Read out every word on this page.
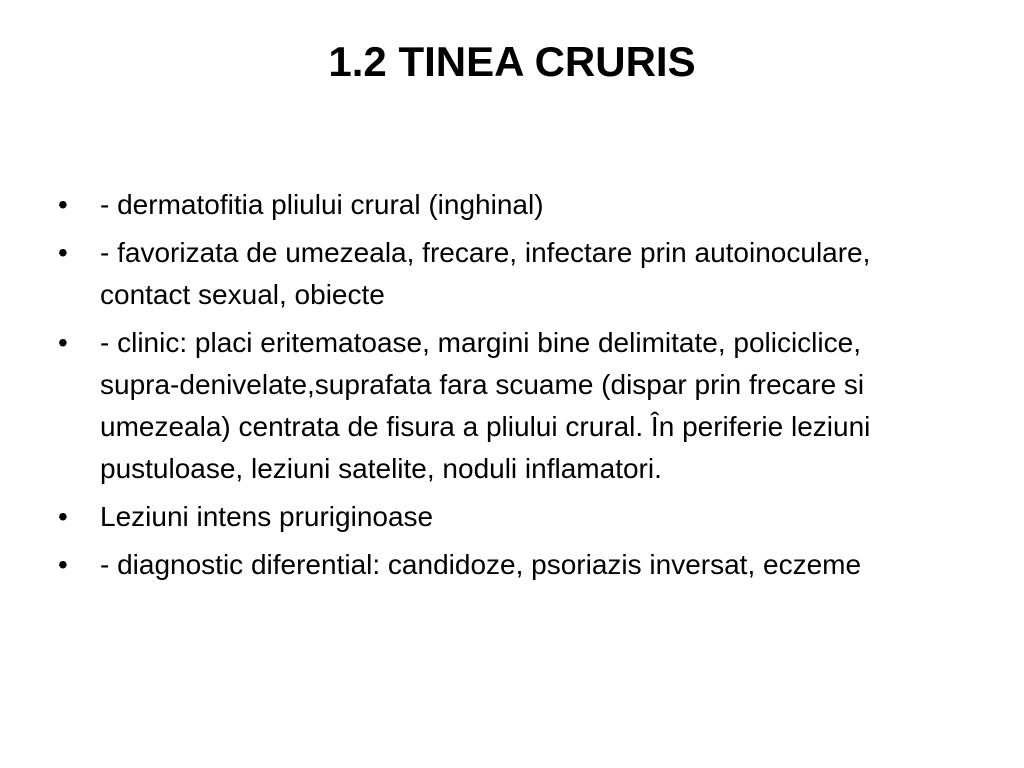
1.2 TINEA CRURIS
•	- dermatofitia pliului crural (inghinal)
•	- favorizata de umezeala, frecare, infectare prin autoinoculare, contact sexual, obiecte
•	- clinic: placi eritematoase, margini bine delimitate, policiclice, supra-denivelate,suprafata fara scuame (dispar prin frecare si umezeala) centrata de fisura a pliului crural. În periferie leziuni pustuloase, leziuni satelite, noduli inflamatori.
•	Leziuni intens pruriginoase
•	- diagnostic diferential: candidoze, psoriazis inversat, eczeme
